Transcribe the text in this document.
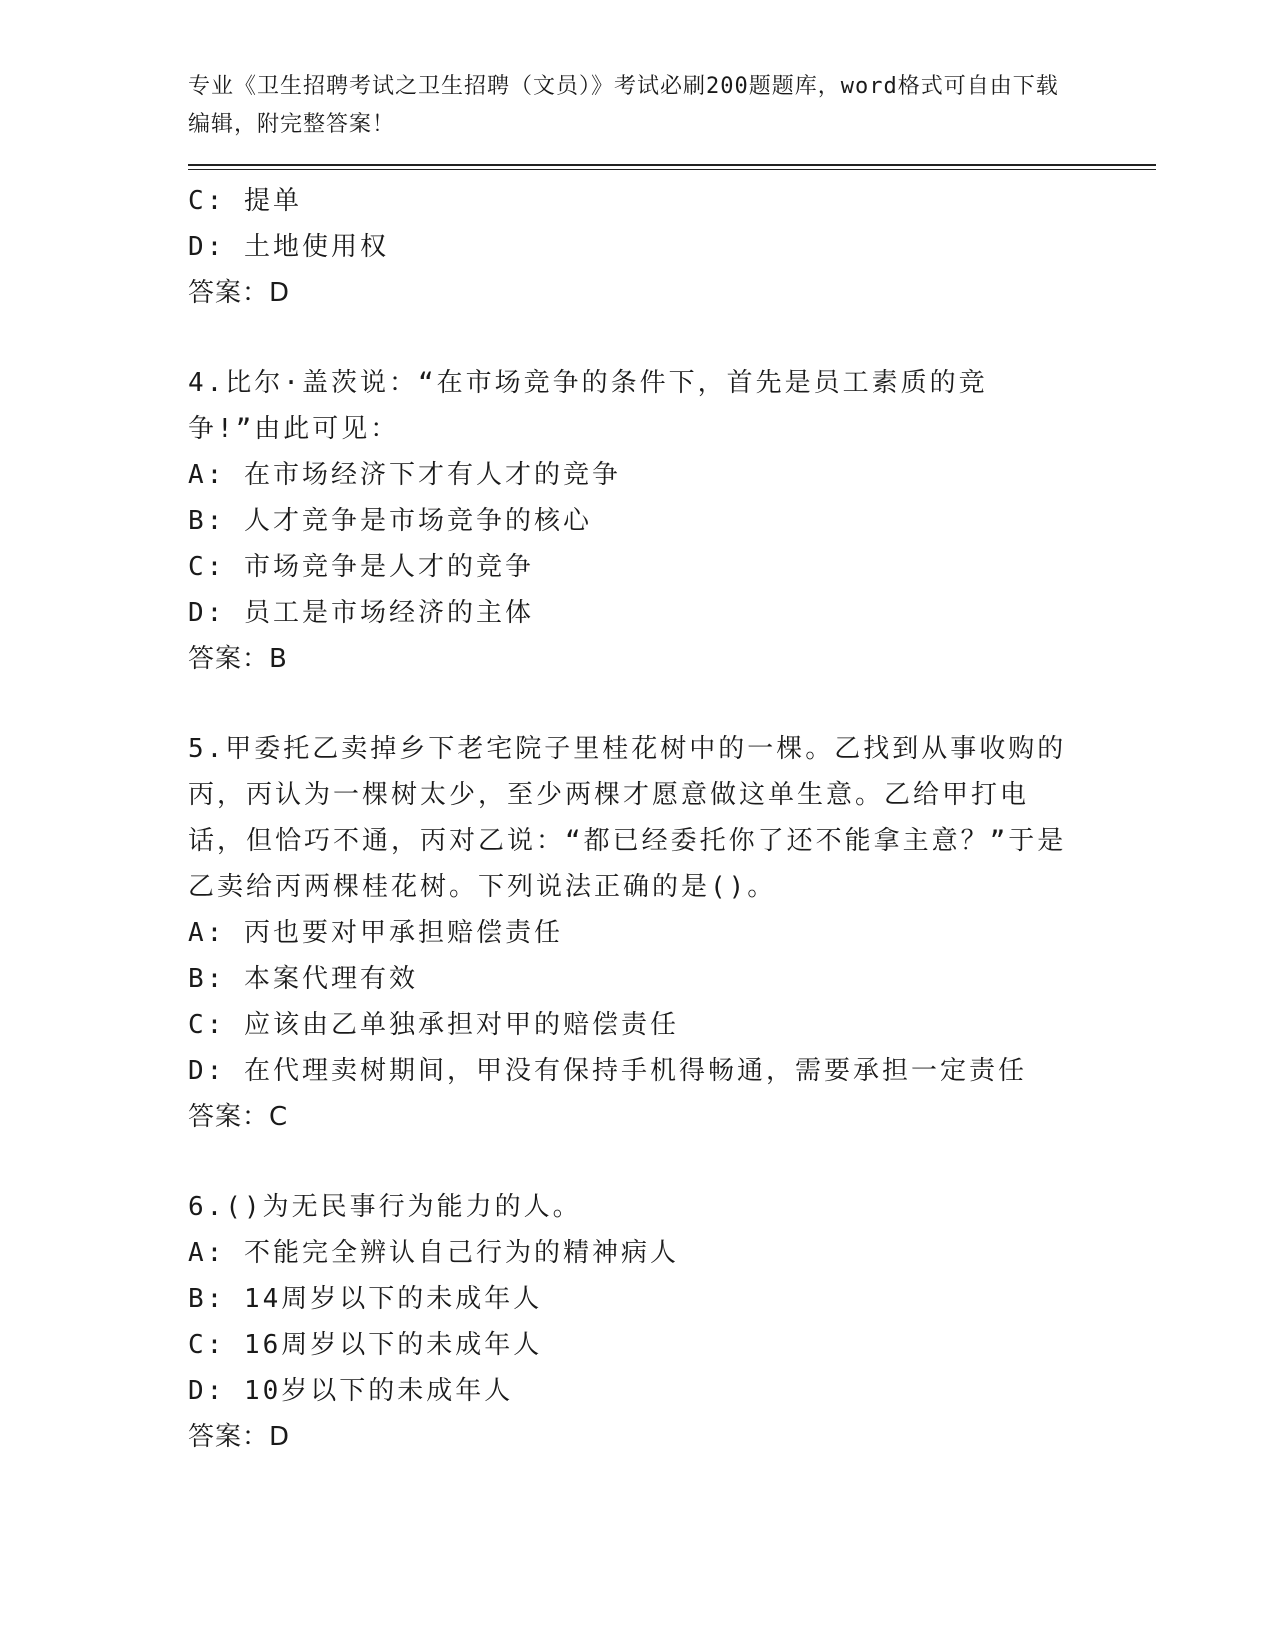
专业《卫生招聘考试之卫生招聘（文员）》考试必刷200题题库，word格式可自由下载编辑，附完整答案！
C: 提单
D: 土地使用权
答案：D
4.比尔·盖茨说：“在市场竞争的条件下，首先是员工素质的竞争!”由此可见：
A: 在市场经济下才有人才的竞争
B: 人才竞争是市场竞争的核心
C: 市场竞争是人才的竞争
D: 员工是市场经济的主体
答案：B
5.甲委托乙卖掉乡下老宅院子里桂花树中的一棵。乙找到从事收购的丙，丙认为一棵树太少，至少两棵才愿意做这单生意。乙给甲打电话，但恰巧不通，丙对乙说：“都已经委托你了还不能拿主意？”于是乙卖给丙两棵桂花树。下列说法正确的是()。
A: 丙也要对甲承担赔偿责任
B: 本案代理有效
C: 应该由乙单独承担对甲的赔偿责任
D: 在代理卖树期间，甲没有保持手机得畅通，需要承担一定责任
答案：C
6.()为无民事行为能力的人。
A: 不能完全辨认自己行为的精神病人
B: 14周岁以下的未成年人
C: 16周岁以下的未成年人
D: 10岁以下的未成年人
答案：D
